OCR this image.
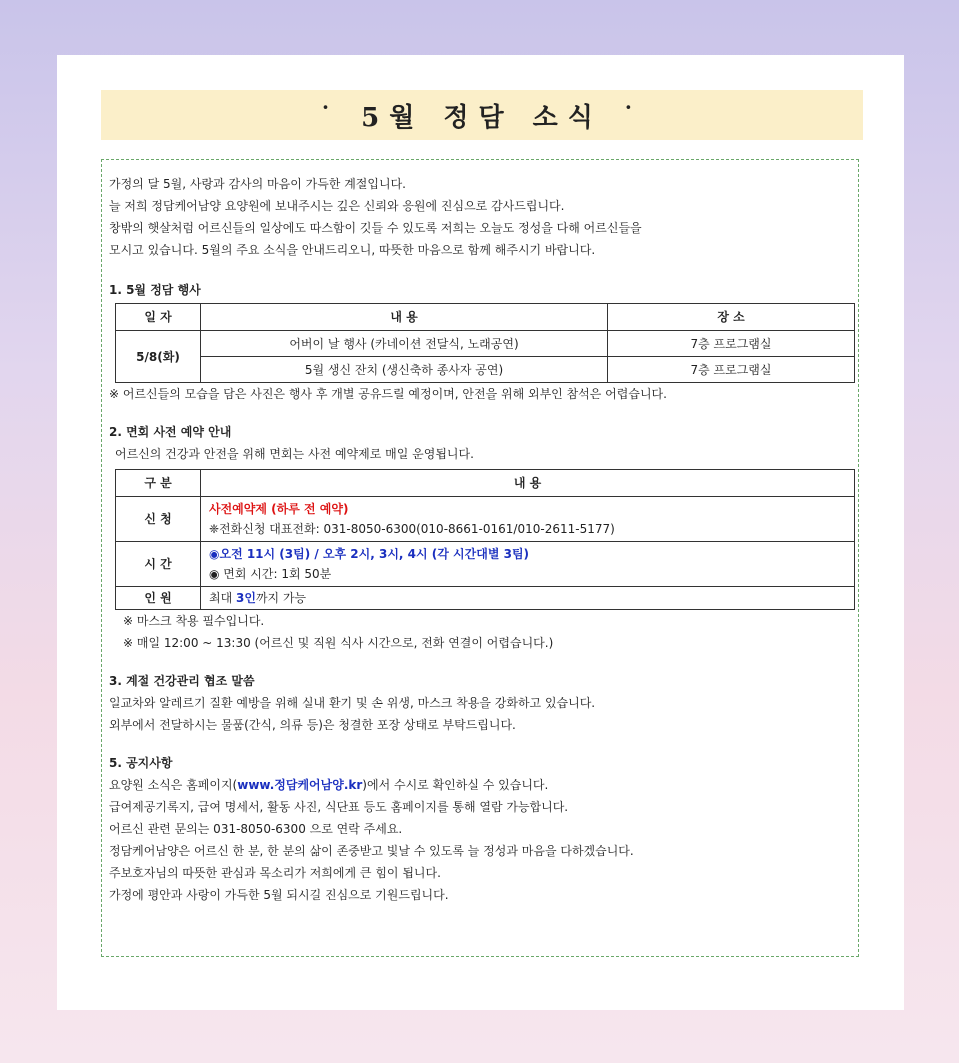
˙ 5월 정담 소식 ˙

가정의 달 5월, 사랑과 감사의 마음이 가득한 계절입니다.

늘 저희 정담케어남양 요양원에 보내주시는 깊은 신뢰와 응원에 진심으로 감사드립니다.

창밖의 햇살처럼 어르신들의 일상에도 따스함이 깃들 수 있도록 저희는 오늘도 정성을 다해 어르신들을

모시고 있습니다. 5월의 주요 소식을 안내드리오니, 따뜻한 마음으로 함께 해주시기 바랍니다.

1. 5월 정담 행사

일 자	내 용	장 소
5/8(화)	어버이 날 행사 (카네이션 전달식, 노래공연)	7층 프로그램실
	5월 생신 잔치 (생신축하 종사자 공연)	7층 프로그램실

※ 어르신들의 모습을 담은 사진은 행사 후 개별 공유드릴 예정이며, 안전을 위해 외부인 참석은 어렵습니다.

2. 면회 사전 예약 안내

어르신의 건강과 안전을 위해 면회는 사전 예약제로 매일 운영됩니다.

구 분	내 용
신 청	사전예약제 (하루 전 예약)
❈전화신청 대표전화: 031-8050-6300(010-8661-0161/010-2611-5177)

시 간	◉오전 11시 (3팀) / 오후 2시, 3시, 4시 (각 시간대별 3팀)
◉ 면회 시간: 1회 50분

인 원	최대 3인까지 가능

※ 마스크 착용 필수입니다.

※ 매일 12:00 ~ 13:30 (어르신 및 직원 식사 시간으로, 전화 연결이 어렵습니다.)

3. 계절 건강관리 협조 말씀

일교차와 알레르기 질환 예방을 위해 실내 환기 및 손 위생, 마스크 착용을 강화하고 있습니다.

외부에서 전달하시는 물품(간식, 의류 등)은 청결한 포장 상태로 부탁드립니다.

5. 공지사항

요양원 소식은 홈페이지(www.정담케어남양.kr)에서 수시로 확인하실 수 있습니다.

급여제공기록지, 급여 명세서, 활동 사진, 식단표 등도 홈페이지를 통해 열람 가능합니다.

어르신 관련 문의는 031-8050-6300 으로 연락 주세요.

정담케어남양은 어르신 한 분, 한 분의 삶이 존중받고 빛날 수 있도록 늘 정성과 마음을 다하겠습니다.

주보호자님의 따뜻한 관심과 목소리가 저희에게 큰 힘이 됩니다.

가정에 평안과 사랑이 가득한 5월 되시길 진심으로 기원드립니다.
